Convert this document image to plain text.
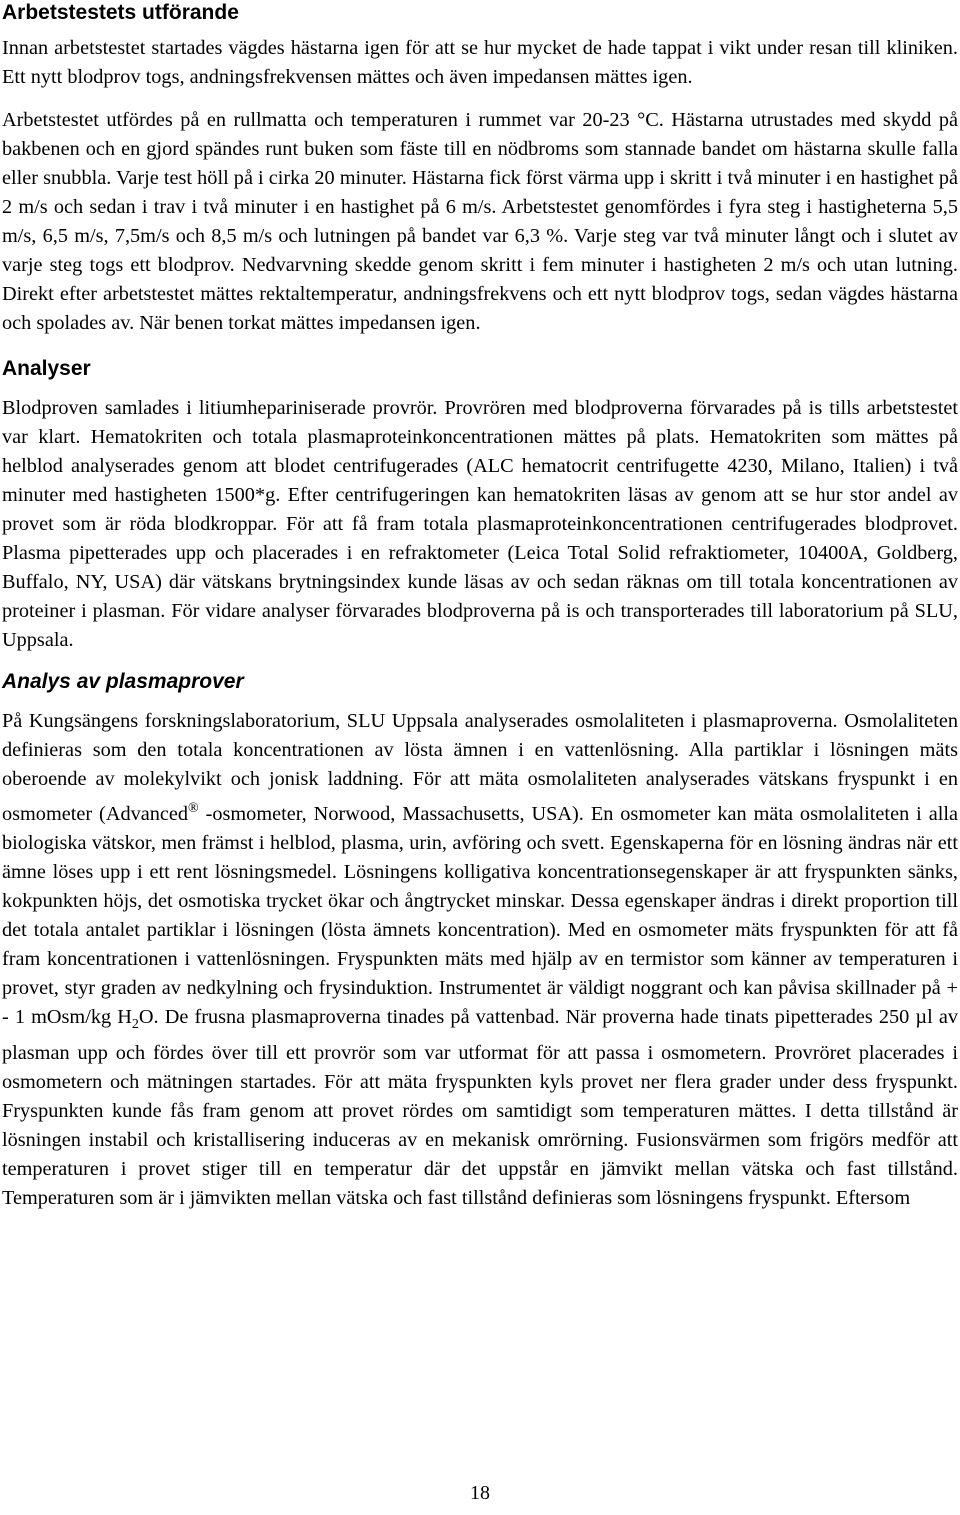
Arbetstestets utförande

Innan arbetstestet startades vägdes hästarna igen för att se hur mycket de hade tappat i vikt under resan till kliniken. Ett nytt blodprov togs, andningsfrekvensen mättes och även impedansen mättes igen.

Arbetstestet utfördes på en rullmatta och temperaturen i rummet var 20-23 °C. Hästarna utrustades med skydd på bakbenen och en gjord spändes runt buken som fäste till en nödbroms som stannade bandet om hästarna skulle falla eller snubbla. Varje test höll på i cirka 20 minuter. Hästarna fick först värma upp i skritt i två minuter i en hastighet på 2 m/s och sedan i trav i två minuter i en hastighet på 6 m/s. Arbetstestet genomfördes i fyra steg i hastigheterna 5,5 m/s, 6,5 m/s, 7,5m/s och 8,5 m/s och lutningen på bandet var 6,3 %. Varje steg var två minuter långt och i slutet av varje steg togs ett blodprov. Nedvarvning skedde genom skritt i fem minuter i hastigheten 2 m/s och utan lutning. Direkt efter arbetstestet mättes rektaltemperatur, andningsfrekvens och ett nytt blodprov togs, sedan vägdes hästarna och spolades av. När benen torkat mättes impedansen igen.

Analyser

Blodproven samlades i litiumhepariniserade provrör. Provrören med blodproverna förvarades på is tills arbetstestet var klart. Hematokriten och totala plasmaproteinkoncentrationen mättes på plats. Hematokriten som mättes på helblod analyserades genom att blodet centrifugerades (ALC hematocrit centrifugette 4230, Milano, Italien) i två minuter med hastigheten 1500*g. Efter centrifugeringen kan hematokriten läsas av genom att se hur stor andel av provet som är röda blodkroppar. För att få fram totala plasmaproteinkoncentrationen centrifugerades blodprovet. Plasma pipetterades upp och placerades i en refraktometer (Leica Total Solid refraktiometer, 10400A, Goldberg, Buffalo, NY, USA) där vätskans brytningsindex kunde läsas av och sedan räknas om till totala koncentrationen av proteiner i plasman. För vidare analyser förvarades blodproverna på is och transporterades till laboratorium på SLU, Uppsala.

Analys av plasmaprover

På Kungsängens forskningslaboratorium, SLU Uppsala analyserades osmolaliteten i plasmaproverna. Osmolaliteten definieras som den totala koncentrationen av lösta ämnen i en vattenlösning. Alla partiklar i lösningen mäts oberoende av molekylvikt och jonisk laddning. För att mäta osmolaliteten analyserades vätskans fryspunkt i en osmometer (Advanced® -osmometer, Norwood, Massachusetts, USA). En osmometer kan mäta osmolaliteten i alla biologiska vätskor, men främst i helblod, plasma, urin, avföring och svett. Egenskaperna för en lösning ändras när ett ämne löses upp i ett rent lösningsmedel. Lösningens kolligativa koncentrationsegenskaper är att fryspunkten sänks, kokpunkten höjs, det osmotiska trycket ökar och ångtrycket minskar. Dessa egenskaper ändras i direkt proportion till det totala antalet partiklar i lösningen (lösta ämnets koncentration). Med en osmometer mäts fryspunkten för att få fram koncentrationen i vattenlösningen. Fryspunkten mäts med hjälp av en termistor som känner av temperaturen i provet, styr graden av nedkylning och frysinduktion. Instrumentet är väldigt noggrant och kan påvisa skillnader på + - 1 mOsm/kg $H_2O$. De frusna plasmaproverna tinades på vattenbad. När proverna hade tinats pipetterades 250 µl av plasman upp och fördes över till ett provrör som var utformat för att passa i osmometern. Provröret placerades i osmometern och mätningen startades. För att mäta fryspunkten kyls provet ner flera grader under dess fryspunkt. Fryspunkten kunde fås fram genom att provet rördes om samtidigt som temperaturen mättes. I detta tillstånd är lösningen instabil och kristallisering induceras av en mekanisk omrörning. Fusionsvärmen som frigörs medför att temperaturen i provet stiger till en temperatur där det uppstår en jämvikt mellan vätska och fast tillstånd. Temperaturen som är i jämvikten mellan vätska och fast tillstånd definieras som lösningens fryspunkt. Eftersom

18
